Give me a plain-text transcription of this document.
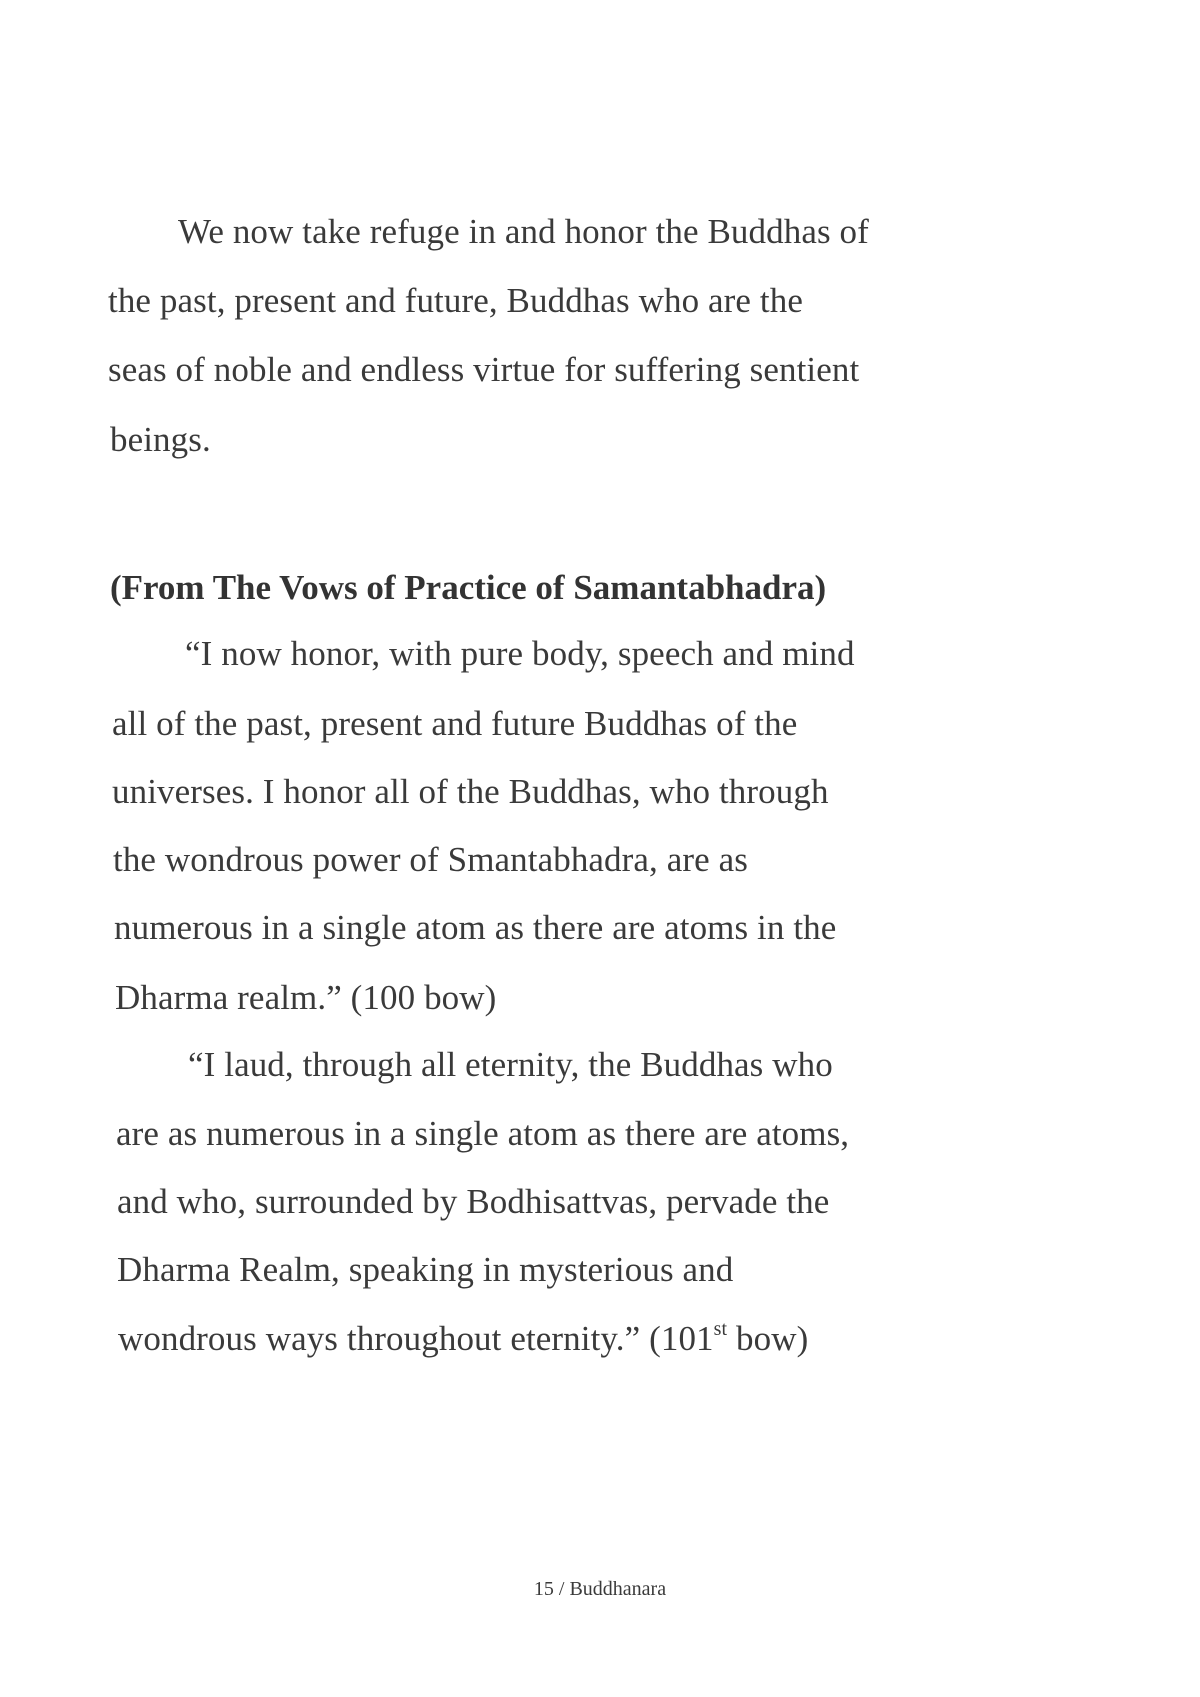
We now take refuge in and honor the Buddhas of
the past, present and future, Buddhas who are the
seas of noble and endless virtue for suffering sentient
beings.
(From The Vows of Practice of Samantabhadra)
“I now honor, with pure body, speech and mind
all of the past, present and future Buddhas of the
universes. I honor all of the Buddhas, who through
the wondrous power of Smantabhadra, are as
numerous in a single atom as there are atoms in the
Dharma realm.” (100 bow)
“I laud, through all eternity, the Buddhas who
are as numerous in a single atom as there are atoms,
and who, surrounded by Bodhisattvas, pervade the
Dharma Realm, speaking in mysterious and
wondrous ways throughout eternity.” (101st bow)
15 / Buddhanara
